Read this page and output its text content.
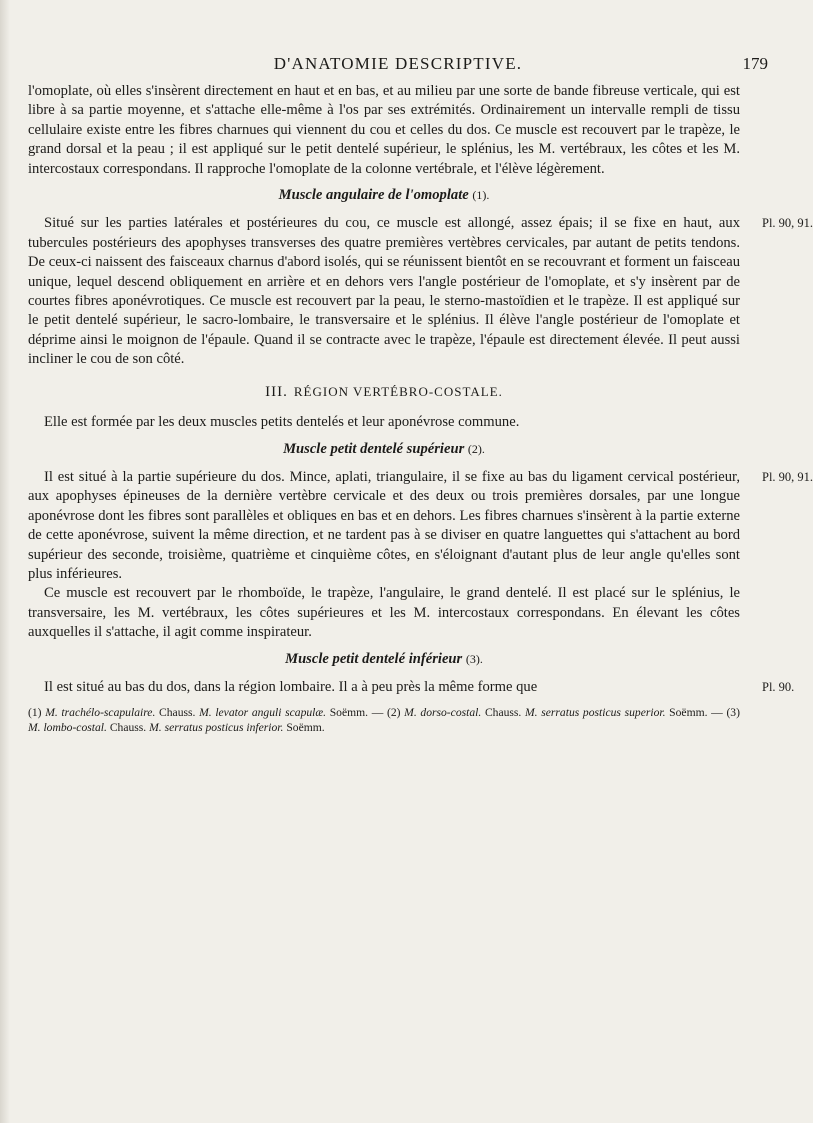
D'ANATOMIE DESCRIPTIVE.	179

l'omoplate, où elles s'insèrent directement en haut et en bas, et au milieu par une sorte de bande fibreuse verticale, qui est libre à sa partie moyenne, et s'attache elle-même à l'os par ses extrémités. Ordinairement un intervalle rempli de tissu cellulaire existe entre les fibres charnues qui viennent du cou et celles du dos. Ce muscle est recouvert par le trapèze, le grand dorsal et la peau ; il est appliqué sur le petit dentelé supérieur, le splénius, les M. vertébraux, les côtes et les M. intercostaux correspondans. Il rapproche l'omoplate de la colonne vertébrale, et l'élève légèrement.

Muscle angulaire de l'omoplate (1).

Situé sur les parties latérales et postérieures du cou, ce muscle est allongé, assez épais; il se fixe en haut, aux tubercules postérieurs des apophyses transverses des quatre premières vertèbres cervicales, par autant de petits tendons. De ceux-ci naissent des faisceaux charnus d'abord isolés, qui se réunissent bientôt en se recouvrant et forment un faisceau unique, lequel descend obliquement en arrière et en dehors vers l'angle postérieur de l'omoplate, et s'y insèrent par de courtes fibres aponévrotiques. Ce muscle est recouvert par la peau, le sterno-mastoïdien et le trapèze. Il est appliqué sur le petit dentelé supérieur, le sacro-lombaire, le transversaire et le splénius. Il élève l'angle postérieur de l'omoplate et déprime ainsi le moignon de l'épaule. Quand il se contracte avec le trapèze, l'épaule est directement élevée. Il peut aussi incliner le cou de son côté.

Pl. 90, 91.
III. RÉGION VERTÉBRO-COSTALE.

Elle est formée par les deux muscles petits dentelés et leur aponévrose commune.

Muscle petit dentelé supérieur (2).

Il est situé à la partie supérieure du dos. Mince, aplati, triangulaire, il se fixe au bas du ligament cervical postérieur, aux apophyses épineuses de la dernière vertèbre cervicale et des deux ou trois premières dorsales, par une longue aponévrose dont les fibres sont parallèles et obliques en bas et en dehors. Les fibres charnues s'insèrent à la partie externe de cette aponévrose, suivent la même direction, et ne tardent pas à se diviser en quatre languettes qui s'attachent au bord supérieur des seconde, troisième, quatrième et cinquième côtes, en s'éloignant d'autant plus de leur angle qu'elles sont plus inférieures.

Pl. 90, 91.

Ce muscle est recouvert par le rhomboïde, le trapèze, l'angulaire, le grand dentelé. Il est placé sur le splénius, le transversaire, les M. vertébraux, les côtes supérieures et les M. intercostaux correspondans. En élevant les côtes auxquelles il s'attache, il agit comme inspirateur.

Muscle petit dentelé inférieur (3).

Il est situé au bas du dos, dans la région lombaire. Il a à peu près la même forme que	Pl. 90.
(1) M. trachélo-scapulaire. Chauss. M. levator anguli scapulæ. Soëmm. — (2) M. dorso-costal. Chauss. M. serratus posticus superior. Soëmm. — (3) M. lombo-costal. Chauss. M. serratus posticus inferior. Soëmm.
